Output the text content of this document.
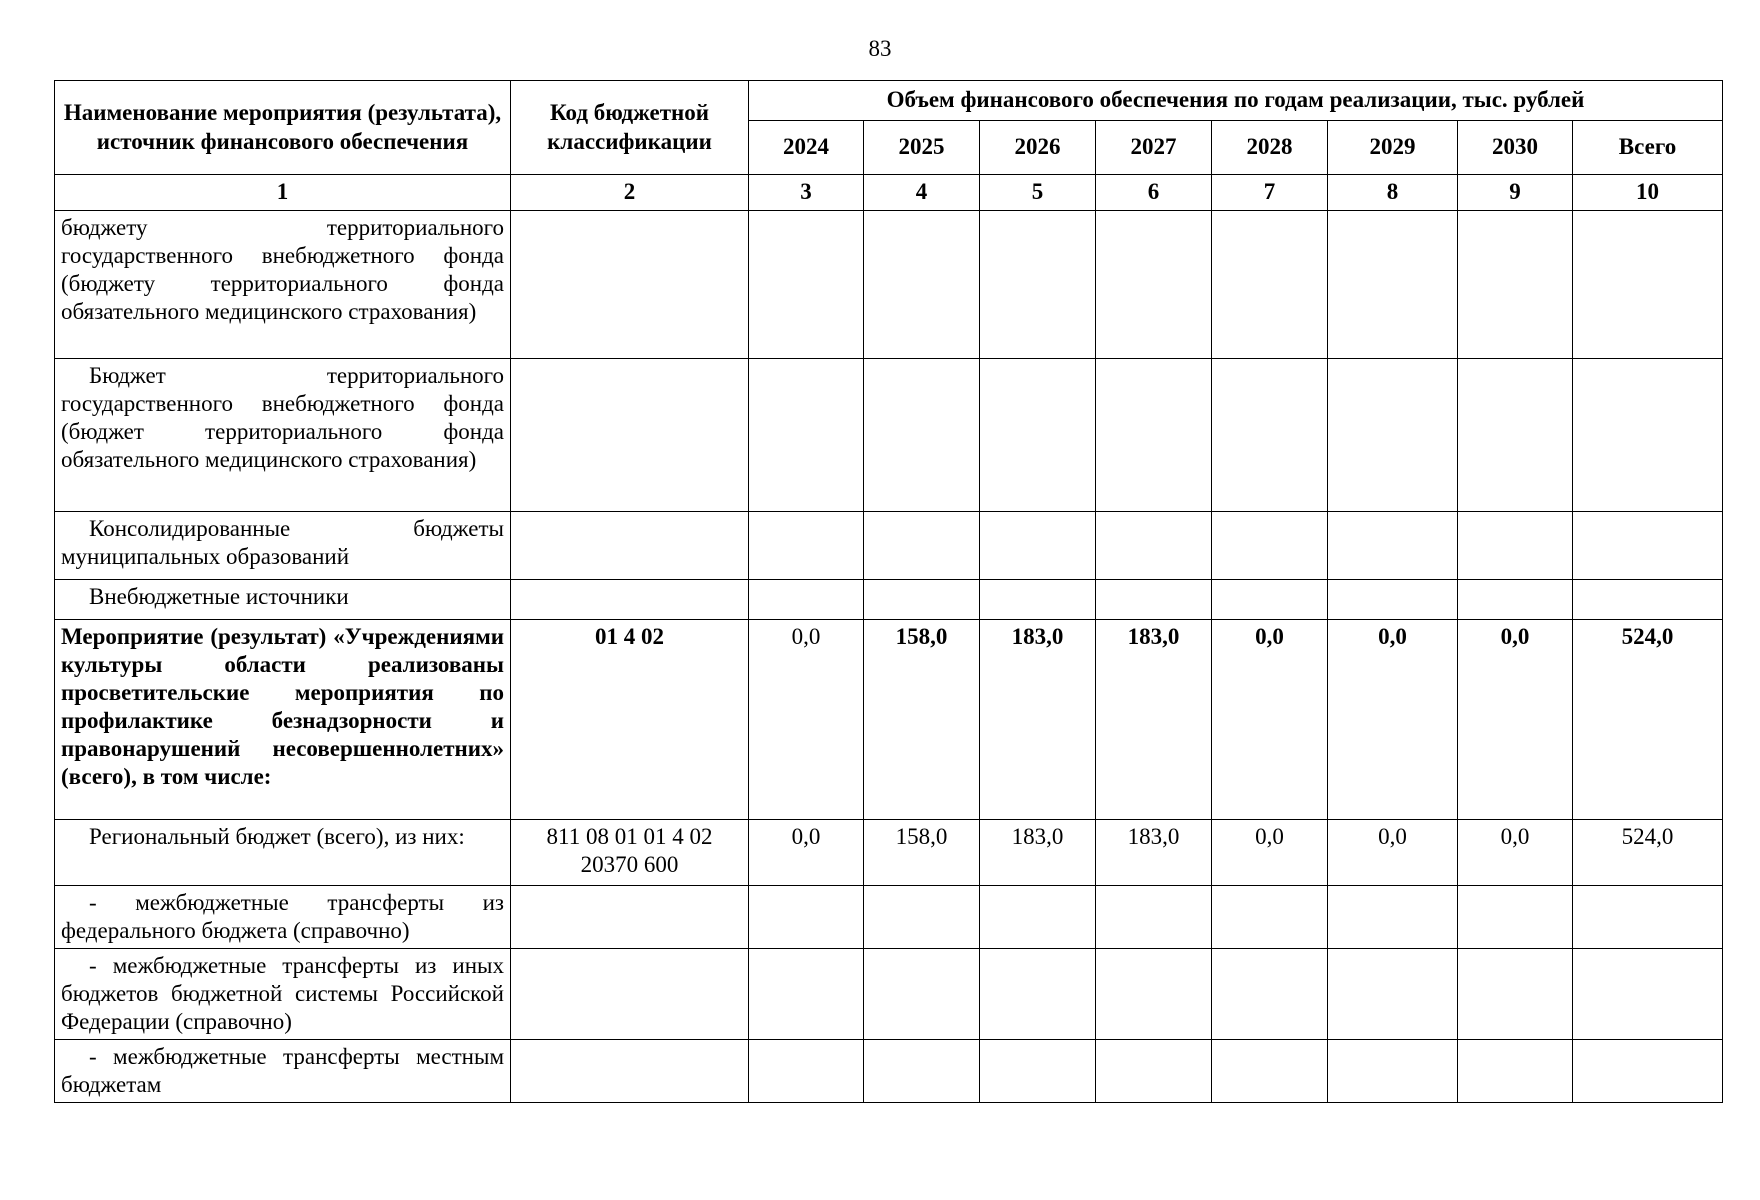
83
Наименование мероприятия (результата), источник финансового обеспечения	Код бюджетной классификации	Объем финансового обеспечения по годам реализации, тыс. рублей							
		2024	2025	2026	2027	2028	2029	2030	Всего
1	2	3	4	5	6	7	8	9	10
бюджету территориального государственного внебюджетного фонда (бюджету территориального фонда обязательного медицинского страхования)									
Бюджет территориального государственного внебюджетного фонда (бюджет территориального фонда обязательного медицинского страхования)									
Консолидированные бюджеты муниципальных образований									
Внебюджетные источники									
Мероприятие (результат) «Учреждениями культуры области реализованы просветительские мероприятия по профилактике безнадзорности и правонарушений несовершеннолетних» (всего), в том числе:	01 4 02	0,0	158,0	183,0	183,0	0,0	0,0	0,0	524,0
Региональный бюджет (всего), из них:	811 08 01 01 4 02 20370 600	0,0	158,0	183,0	183,0	0,0	0,0	0,0	524,0
- межбюджетные трансферты из федерального бюджета (справочно)									
- межбюджетные трансферты из иных бюджетов бюджетной системы Российской Федерации (справочно)									
- межбюджетные трансферты местным бюджетам									
